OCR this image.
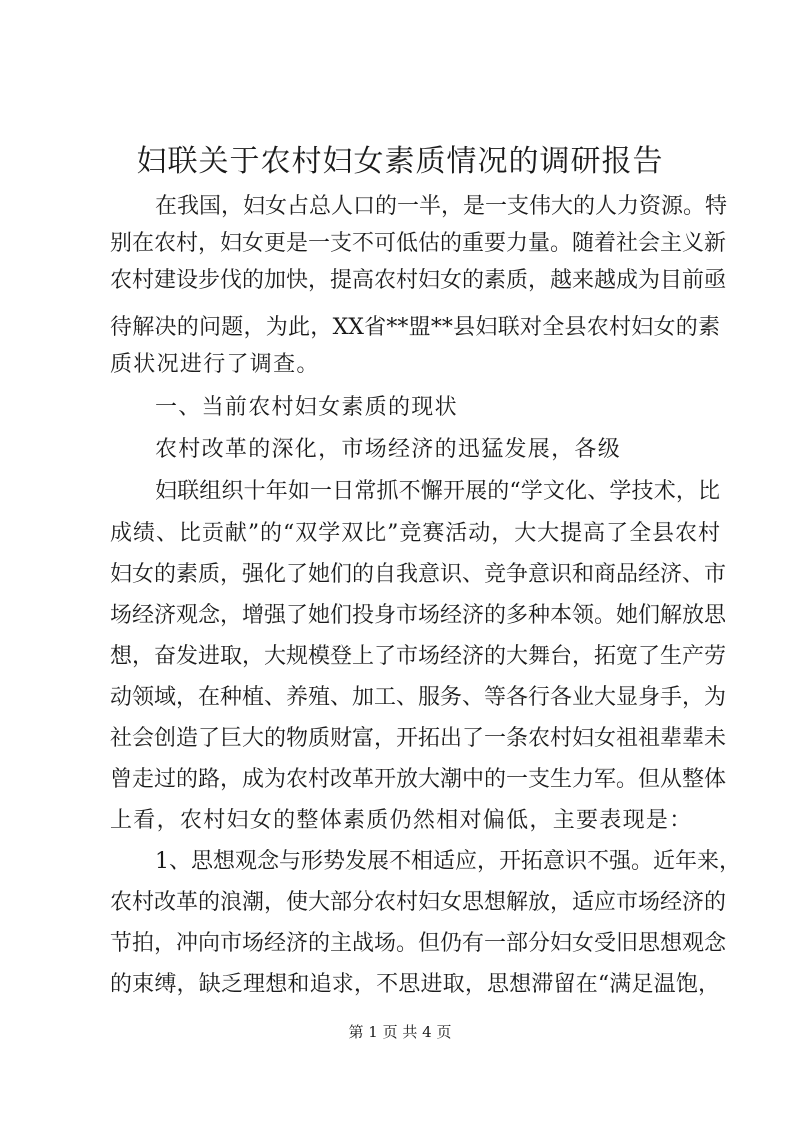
妇联关于农村妇女素质情况的调研报告

在我国，妇女占总人口的一半，是一支伟大的人力资源。特

别在农村，妇女更是一支不可低估的重要力量。随着社会主义新

农村建设步伐的加快，提高农村妇女的素质，越来越成为目前亟

待解决的问题，为此，XX省**盟**县妇联对全县农村妇女的素

质状况进行了调查。

一、当前农村妇女素质的现状

农村改革的深化，市场经济的迅猛发展，各级

妇联组织十年如一日常抓不懈开展的“学文化、学技术，比

成绩、比贡献”的“双学双比”竞赛活动，大大提高了全县农村

妇女的素质，强化了她们的自我意识、竞争意识和商品经济、市

场经济观念，增强了她们投身市场经济的多种本领。她们解放思

想，奋发进取，大规模登上了市场经济的大舞台，拓宽了生产劳

动领域，在种植、养殖、加工、服务、等各行各业大显身手，为

社会创造了巨大的物质财富，开拓出了一条农村妇女祖祖辈辈未

曾走过的路，成为农村改革开放大潮中的一支生力军。但从整体

上看，农村妇女的整体素质仍然相对偏低，主要表现是：

1、思想观念与形势发展不相适应，开拓意识不强。近年来，

农村改革的浪潮，使大部分农村妇女思想解放，适应市场经济的

节拍，冲向市场经济的主战场。但仍有一部分妇女受旧思想观念

的束缚，缺乏理想和追求，不思进取，思想滞留在“满足温饱，

第 1 页 共 4 页
